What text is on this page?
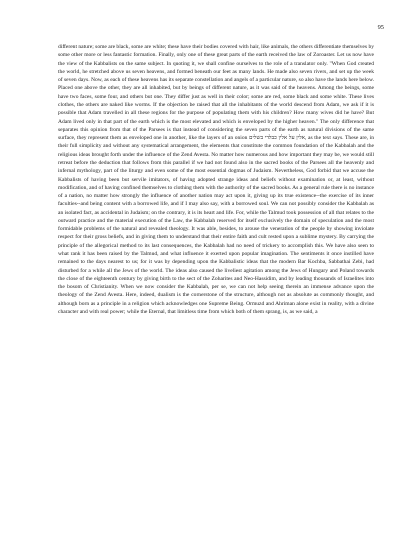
95

different nature; some are black, some are white; these have their bodies covered with hair, like animals, the others differentiate themselves by some other more or less fantastic formation. Finally, only one of these great parts of the earth received the law of Zoroaster. Let us now have the view of the Kabbalists on the same subject. In quoting it, we shall confine ourselves to the role of a translator only. "When God created the world, he stretched above us seven heavens, and formed beneath our feet as many lands. He made also seven rivers, and set up the week of seven days. Now, as each of these heavens has its separate constellation and angels of a particular nature, so also have the lands here below. Placed one above the other, they are all inhabited, but by beings of different nature, as it was said of the heavens. Among the beings, some have two faces, some four, and others but one. They differ just as well in their color; some are red, some black and some white. These lives clothes, the others are naked like worms. If the objection be raised that all the inhabitants of the world descend from Adam, we ask if it is possible that Adam travelled in all these regions for the purpose of populating them with his children? How many wives did he have? But Adam lived only in that part of the earth which is the most elevated and which is enveloped by the higher heaven." The only difference that separates this opinion from that of the Parsees is that instead of considering the seven parts of the earth as natural divisions of the same surface, they represent them as enveloped one in another, like the layers of an onion אלין על אלין כבלדי בשלים, as the text says. These are, in their full simplicity and without any systematical arrangement, the elements that constitute the common foundation of the Kabbalah and the religious ideas brought forth under the influence of the Zend Avesta. No matter how numerous and how important they may be, we would still retreat before the deduction that follows from this parallel if we had not found also in the sacred books of the Parsees all the heavenly and infernal mythology, part of the liturgy and even some of the most essential dogmas of Judaism. Nevertheless, God forbid that we accuse the Kabbalists of having been but servile imitators, of having adopted strange ideas and beliefs without examination or, at least, without modification, and of having confined themselves to clothing them with the authority of the sacred books. As a general rule there is no instance of a nation, no matter how strongly the influence of another nation may act upon it, giving up its true existence--the exercise of its inner faculties--and being content with a borrowed life, and if I may also say, with a borrowed soul. We can not possibly consider the Kabbalah as an isolated fact, as accidental in Judaism; on the contrary, it is its heart and life. For, while the Talmud took possession of all that relates to the outward practice and the material execution of the Law, the Kabbalah reserved for itself exclusively the domain of speculation and the most formidable problems of the natural and revealed theology. It was able, besides, to arouse the veneration of the people by showing inviolate respect for their gross beliefs, and in giving them to understand that their entire faith and cult rested upon a sublime mystery. By carrying the principle of the allegorical method to its last consequences, the Kabbalah had no need of trickery to accomplish this. We have also seen to what rank it has been raised by the Talmud, and what influence it exerted upon popular imagination. The sentiments it once instilled have remained to the days nearest to us; for it was by depending upon the Kabbalistic ideas that the modern Bar Kochba, Sabbathai Zebi, had disturbed for a while all the Jews of the world. The ideas also caused the liveliest agitation among the Jews of Hungary and Poland towards the close of the eighteenth century by giving birth to the sect of the Zoharites and Neo-Hassidim, and by leading thousands of Israelites into the bosom of Christianity. When we now consider the Kabbalah, per se, we can not help seeing therein an immense advance upon the theology of the Zend Avesta. Here, indeed, dualism is the cornerstone of the structure, although not as absolute as commonly thought, and although born as a principle in a religion which acknowledges one Supreme Being. Ormuzd and Ahriman alone exist in reality, with a divine character and with real power; while the Eternal, that limitless time from which both of them sprang, is, as we said, a
